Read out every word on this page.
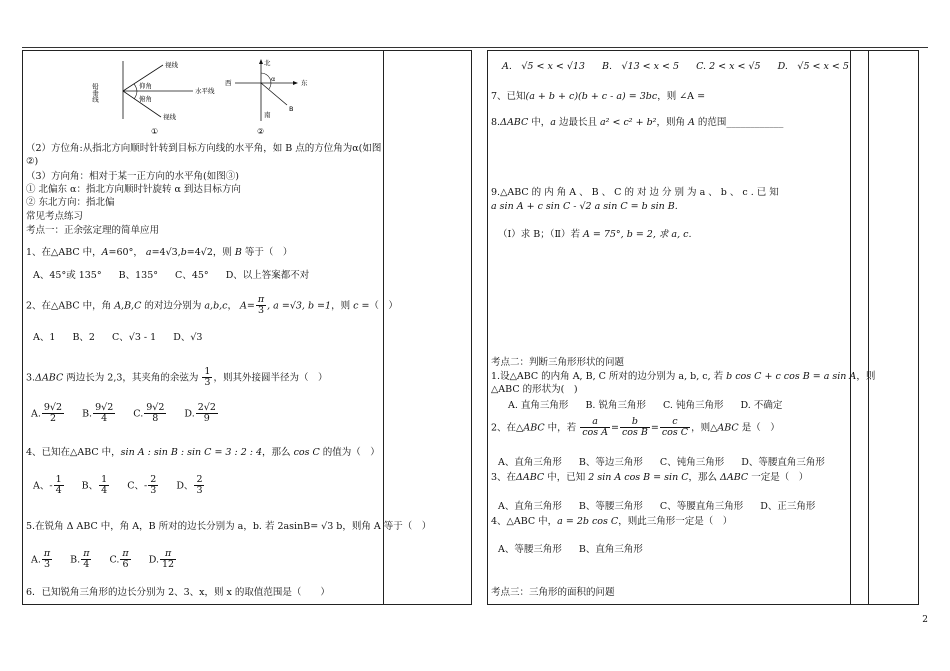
视线
铅垂线	仰角
水平线
俯角
视线
①
北
西	东
南
B
α
②
（2）方位角:从指北方向顺时针转到目标方向线的水平角，如 B 点的方位角为α(如图
②)
（3）方向角：相对于某一正方向的水平角(如图③)
① 北偏东 α：指北方向顺时针旋转 α 到达目标方向
② 东北方向：指北偏
常见考点练习
考点一：正余弦定理的简单应用
1、在△ABC 中，A=60°， a=4√3,b=4√2，则 B 等于（　）
A、45°或 135° B、135° C、45° D、以上答案都不对
2、在△ABC 中，角 A,B,C 的对边分别为 a,b,c， $A= \frac{\pi}{3}$ , a =√3, b =1，则 c =（　）
A、1 B、2 C、√3 - 1 D、√3
3.ΔABC 两边长为 2,3，其夹角的余弦为 $\frac{1}{3}$ ，则其外接圆半径为（　）
A. $\frac{9√2}{2} B$. $\frac{9√2}{4} C$. $\frac{9√2}{8} D$. $\frac{2√2}{9}$
4、已知在△ABC 中，sin A : sin B : sin C = 3 : 2 : 4，那么 cos C 的值为（　）
A、- $\frac{1}{4}$ B、 $\frac{1}{4}$ C、- $\frac{2}{3}$ D、 $\frac{2}{3}$
5.在锐角 Δ ABC 中，角 A，B 所对的边长分别为 a，b. 若 2asinB= √3 b，则角 A 等于（　）
A. $\frac{\pi}{3} B$. $\frac{\pi}{4} C$. $\frac{\pi}{6} D$. $\frac{\pi}{12}$
6．已知锐角三角形的边长分别为 2、3、x，则 x 的取值范围是（　　）
A.　√5 < x < √13 B.　√13 < x < 5 C. 2 < x < √5 D.　√5 < x < 5
7、已知(a + b + c)(b + c - a) = 3bc，则 ∠A =
8.ΔABC 中，a 边最长且 a² < c² + b²，则角 A 的范围____________
9.△ABC 的 内 角 A 、 B 、 C 的 对 边 分 别 为 a 、 b 、 c . 已 知
a sin A + c sin C - √2 a sin C = b sin B.
（I）求 B；（Ⅱ）若 A = 75°, b = 2, 求 a, c.
考点二：判断三角形形状的问题
1.设△ABC 的内角 A, B, C 所对的边分别为 a, b, c, 若 b cos C + c cos B = a sin A，则
△ABC 的形状为(　)
A. 直角三角形 B. 锐角三角形 C. 钝角三角形 D. 不确定
2、在△ABC 中，若 $\frac{a}{\text{cos A}} = \frac{b}{\text{cos B}} = \frac{c}{\text{cos C}}$ ，则△ABC 是（　）
A、直角三角形 B、等边三角形 C、钝角三角形 D、等腰直角三角形
3、在ΔABC 中，已知 2 sin A cos B = sin C，那么 ΔABC 一定是（　）
A、直角三角形 B、等腰三角形 C、等腰直角三角形 D、正三角形
4、△ABC 中，a = 2b cos C，则此三角形一定是（　）
A、等腰三角形 B、直角三角形
考点三：三角形的面积的问题
2
